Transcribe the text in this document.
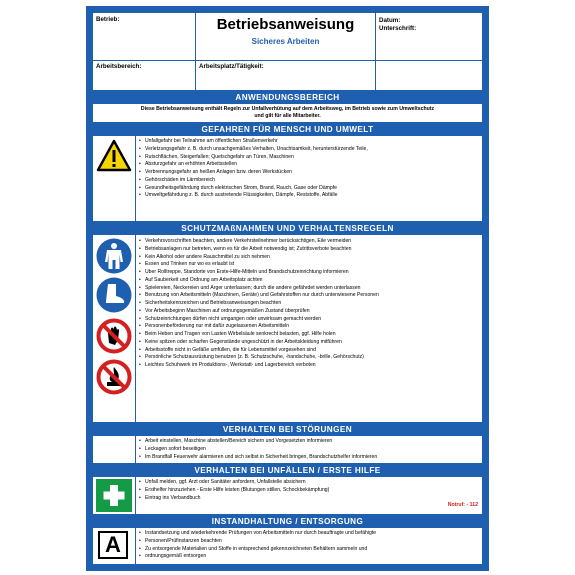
Betrieb:	Betriebsanweisung
Sicheres Arbeiten
Datum:
Unterschrift:
Arbeitsbereich:	Arbeitsplatz/Tätigkeit:
ANWENDUNGSBEREICH
Diese Betriebsanweisung enthält Regeln zur Unfallverhütung auf dem Arbeitsweg, im Betrieb sowie zum Umweltschutz
und gilt für alle Mitarbeiter.
GEFAHREN FÜR MENSCH UND UMWELT
• Unfallgefahr bei Teilnahme am öffentlichen Straßenverkehr
• Verletzungsgefahr z. B. durch unsachgemäßes Verhalten, Unachtsamkeit, herunterstürzende Teile,
• Rutschflächen, Steigerfallen; Quetschgefahr an Türen, Maschinen
• Absturzgefahr an erhöhten Arbeitsstellen
• Verbrennungsgefahr an heißen Anlagen bzw. deren Werkstücken
• Gehörschäden im Lärmbereich
• Gesundheitsgefährdung durch elektrischen Strom, Brand, Rauch, Gase oder Dämpfe
• Umweltgefährdung z. B. durch austretende Flüssigkeiten, Dämpfe, Reststoffe, Abfälle
SCHUTZMAßNAHMEN UND VERHALTENSREGELN
• Verkehrsvorschriften beachten, andere Verkehrsteilnehmer berücksichtigen, Eile vermeiden
• Betriebsanlagen nur betreten, wenn es für die Arbeit notwendig ist; Zutrittsverbote beachten
• Kein Alkohol oder andere Rauschmittel zu sich nehmen
• Essen und Trinken nur wo es erlaubt ist
• Über Rolltreppe, Standorte von Erste-Hilfe-Mitteln und Brandschutzeinrichtung informieren
• Auf Sauberkeit und Ordnung am Arbeitsplatz achten
• Spielereien, Neckereien und Ärger unterlassen; durch die andere gefährdet werden unterlassen
• Benutzung von Arbeitsmitteln (Maschinen, Geräte) und Gefahrstoffen nur durch unterwiesene Personen
• Sicherheitskennzeichen und Betriebsanweisungen beachten
• Vor Arbeitsbeginn Maschinen auf ordnungsgemäßen Zustand überprüfen
• Schutzeinrichtungen dürfen nicht umgangen oder unwirksam gemacht werden
• Personenbeförderung nur mit dafür zugelassenen Arbeitsmitteln
• Beim Heben und Tragen von Lasten Wirbelsäule senkrecht belasten, ggf. Hilfe holen
• Keine spitzen oder scharfen Gegenstände ungeschützt in der Arbeitskleidung mitführen
• Arbeitsstoffe nicht in Gefäße umfüllen, die für Lebensmittel vorgesehen sind
• Persönliche Schutzausrüstung benutzen (z. B. Schutzschuhe, -handschuhe, -brille, Gehörschutz)
• Leichtes Schuhwerk im Produktions-, Werkstatt- und Lagerbereich verboten
VERHALTEN BEI STÖRUNGEN
• Arbeit einstellen, Maschine abstellen/Bereich sichern und Vorgesetzten informieren
• Leckagen sofort beseitigen
• Im Brandfall Feuerwehr alarmieren und sich selbst in Sicherheit bringen, Brandschutzhelfer informieren
VERHALTEN BEI UNFÄLLEN / ERSTE HILFE
• Unfall melden, ggf. Arzt oder Sanitäter anfordern, Unfallstelle absichern
• Ersthelfer hinzuziehen - Erste Hilfe leisten (Blutungen stillen, Schockbekämpfung)
• Eintrag ins Verbandbuch
Notruf: - 112
INSTANDHALTUNG / ENTSORGUNG
A
•	Instandsetzung und wiederkehrende Prüfungen von Arbeitsmitteln nur durch beauftragte und befähigte
• Personen/Prüfinstanzen beachten
• Zu entsorgende Materialien und Stoffe in entsprechend gekennzeichneten Behältern sammeln und
• ordnungsgemäß entsorgen
